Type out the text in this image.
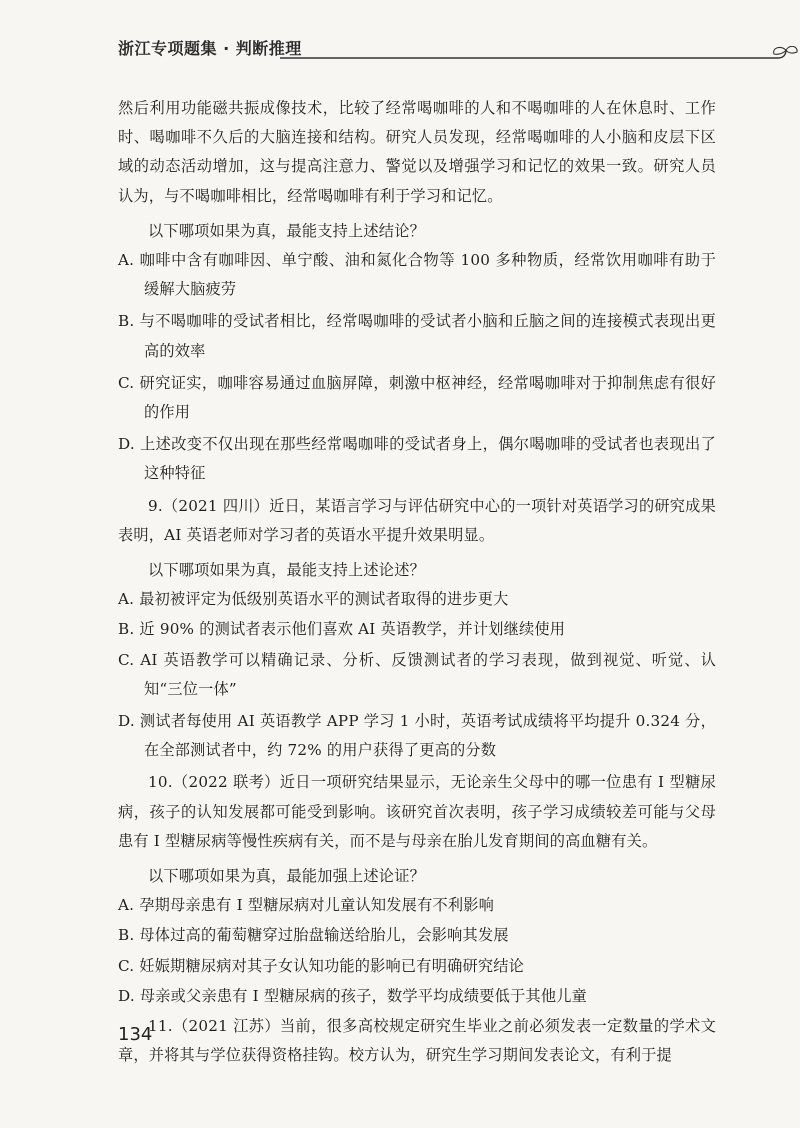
浙江专项题集 · 判断推理

然后利用功能磁共振成像技术，比较了经常喝咖啡的人和不喝咖啡的人在休息时、工作时、喝咖啡不久后的大脑连接和结构。研究人员发现，经常喝咖啡的人小脑和皮层下区域的动态活动增加，这与提高注意力、警觉以及增强学习和记忆的效果一致。研究人员认为，与不喝咖啡相比，经常喝咖啡有利于学习和记忆。

以下哪项如果为真，最能支持上述结论？

A. 咖啡中含有咖啡因、单宁酸、油和氮化合物等 100 多种物质，经常饮用咖啡有助于缓解大脑疲劳

B. 与不喝咖啡的受试者相比，经常喝咖啡的受试者小脑和丘脑之间的连接模式表现出更高的效率

C. 研究证实，咖啡容易通过血脑屏障，刺激中枢神经，经常喝咖啡对于抑制焦虑有很好的作用

D. 上述改变不仅出现在那些经常喝咖啡的受试者身上，偶尔喝咖啡的受试者也表现出了这种特征

9.（2021 四川）近日，某语言学习与评估研究中心的一项针对英语学习的研究成果表明，AI 英语老师对学习者的英语水平提升效果明显。

以下哪项如果为真，最能支持上述论述？

A. 最初被评定为低级别英语水平的测试者取得的进步更大

B. 近 90% 的测试者表示他们喜欢 AI 英语教学，并计划继续使用

C. AI 英语教学可以精确记录、分析、反馈测试者的学习表现，做到视觉、听觉、认知“三位一体”

D. 测试者每使用 AI 英语教学 APP 学习 1 小时，英语考试成绩将平均提升 0.324 分，在全部测试者中，约 72% 的用户获得了更高的分数

10.（2022 联考）近日一项研究结果显示，无论亲生父母中的哪一位患有 Ⅰ 型糖尿病，孩子的认知发展都可能受到影响。该研究首次表明，孩子学习成绩较差可能与父母患有 Ⅰ 型糖尿病等慢性疾病有关，而不是与母亲在胎儿发育期间的高血糖有关。

以下哪项如果为真，最能加强上述论证？

A. 孕期母亲患有 Ⅰ 型糖尿病对儿童认知发展有不利影响

B. 母体过高的葡萄糖穿过胎盘输送给胎儿，会影响其发展

C. 妊娠期糖尿病对其子女认知功能的影响已有明确研究结论

D. 母亲或父亲患有 Ⅰ 型糖尿病的孩子，数学平均成绩要低于其他儿童

11.（2021 江苏）当前，很多高校规定研究生毕业之前必须发表一定数量的学术文章，并将其与学位获得资格挂钩。校方认为，研究生学习期间发表论文，有利于提

134
